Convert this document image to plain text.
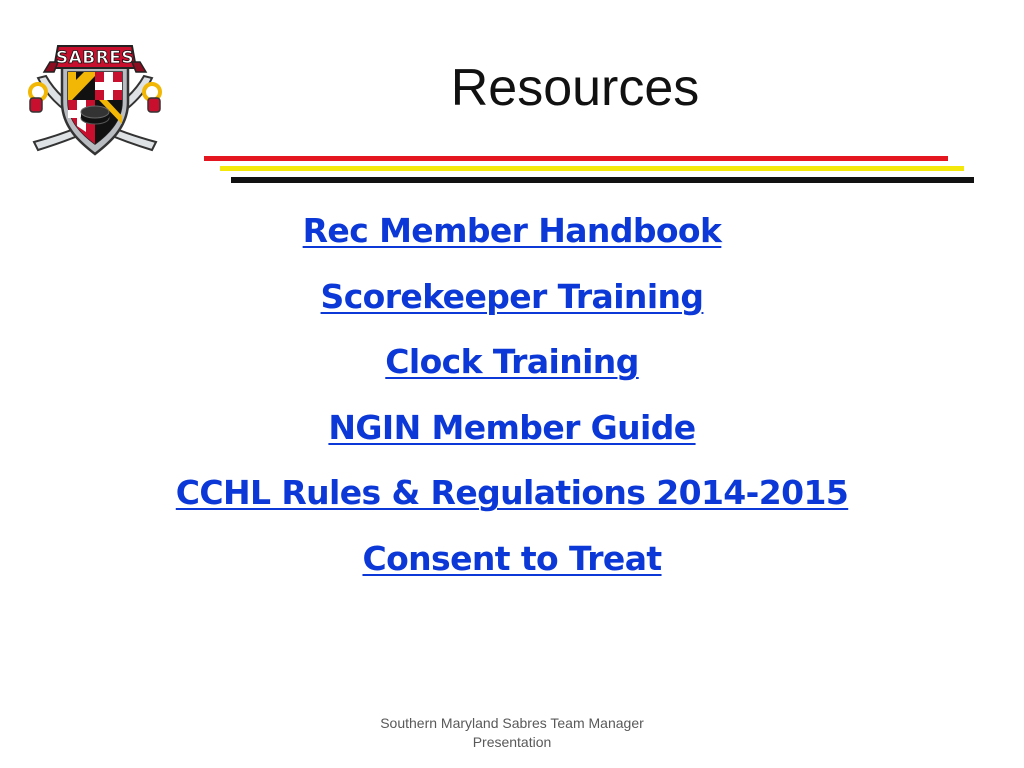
SABRES
Resources
Rec Member Handbook
Scorekeeper Training
Clock Training
NGIN Member Guide
CCHL Rules & Regulations 2014-2015
Consent to Treat
Southern Maryland Sabres Team Manager
Presentation
